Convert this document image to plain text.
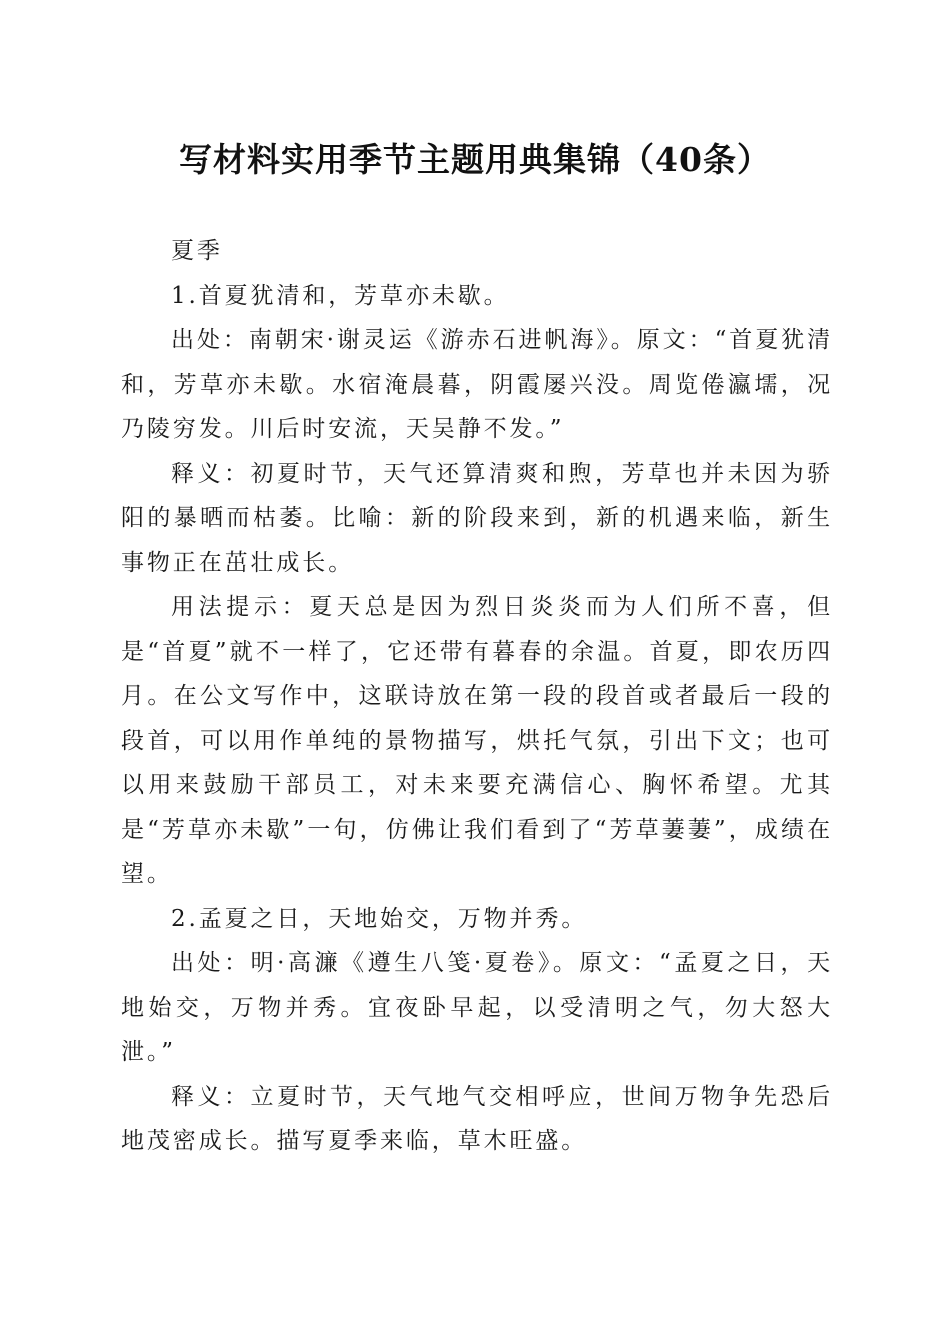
写材料实用季节主题用典集锦（40条）

夏季

1.首夏犹清和，芳草亦未歇。

出处：南朝宋·谢灵运《游赤石进帆海》。原文：“首夏犹清和，芳草亦未歇。水宿淹晨暮，阴霞屡兴没。周览倦瀛壖，况乃陵穷发。川后时安流，天吴静不发。”

释义：初夏时节，天气还算清爽和煦，芳草也并未因为骄阳的暴晒而枯萎。比喻：新的阶段来到，新的机遇来临，新生事物正在茁壮成长。

用法提示：夏天总是因为烈日炎炎而为人们所不喜，但是“首夏”就不一样了，它还带有暮春的余温。首夏，即农历四月。在公文写作中，这联诗放在第一段的段首或者最后一段的段首，可以用作单纯的景物描写，烘托气氛，引出下文；也可以用来鼓励干部员工，对未来要充满信心、胸怀希望。尤其是“芳草亦未歇”一句，仿佛让我们看到了“芳草萋萋”，成绩在望。

2.孟夏之日，天地始交，万物并秀。

出处：明·高濂《遵生八笺·夏卷》。原文：“孟夏之日，天地始交，万物并秀。宜夜卧早起，以受清明之气，勿大怒大泄。”

释义：立夏时节，天气地气交相呼应，世间万物争先恐后地茂密成长。描写夏季来临，草木旺盛。
